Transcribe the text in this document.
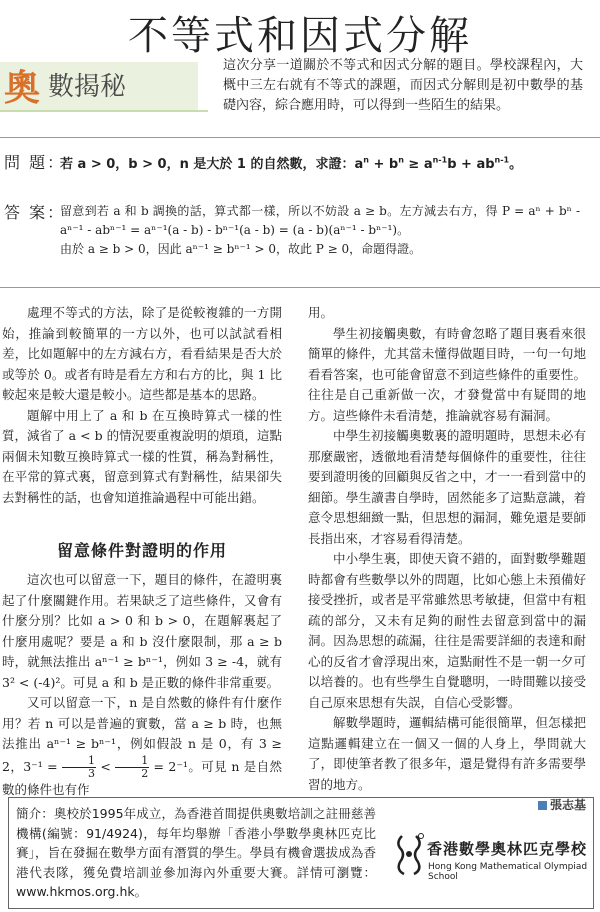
不等式和因式分解
奧 數揭秘
這次分享一道關於不等式和因式分解的題目。學校課程內，大概中三左右就有不等式的課題，而因式分解則是初中數學的基礎內容，綜合應用時，可以得到一些陌生的結果。
問 題：
若 a > 0，b > 0，n 是大於 1 的自然數，求證：$a^n + b^n \ge a^{n-1}b + ab^{n-1}$。
答 案：
留意到若 a 和 b 調換的話，算式都一樣，所以不妨設 a ≥ b。左方減去右方，得 P = aⁿ + bⁿ - aⁿ⁻¹ - abⁿ⁻¹ = aⁿ⁻¹(a - b) - bⁿ⁻¹(a - b) = (a - b)(aⁿ⁻¹ - bⁿ⁻¹)。
由於 a ≥ b > 0，因此 aⁿ⁻¹ ≥ bⁿ⁻¹ > 0，故此 P ≥ 0，命題得證。

處理不等式的方法，除了是從較複雜的一方開始，推論到較簡單的一方以外，也可以試試看相差，比如題解中的左方減右方，看看結果是否大於或等於 0。或者有時是看左方和右方的比，與 1 比較起來是較大還是較小。這些都是基本的思路。

題解中用上了 a 和 b 在互換時算式一樣的性質，減省了 a < b 的情況要重複說明的煩瑣，這點兩個未知數互換時算式一樣的性質，稱為對稱性，在平常的算式裏，留意到算式有對稱性，結果卻失去對稱性的話，也會知道推論過程中可能出錯。

留意條件對證明的作用

這次也可以留意一下，題目的條件，在證明裏起了什麼關鍵作用。若果缺乏了這些條件，又會有什麼分別？比如 a > 0 和 b > 0，在題解裏起了什麼用處呢？要是 a 和 b 沒什麼限制，那 a ≥ b 時，就無法推出 aⁿ⁻¹ ≥ bⁿ⁻¹，例如 3 ≥ -4，就有 3² < (-4)²。可見 a 和 b 是正數的條件非常重要。

又可以留意一下，n 是自然數的條件有什麼作用？若 n 可以是普遍的實數，當 a ≥ b 時，也無法推出 aⁿ⁻¹ ≥ bⁿ⁻¹，例如假設 n 是 0，有 3 ≥ 2，$3^{-1} = \frac{1}{3} < \frac{1}{2} = 2^{-1}$。可見 n 是自然數的條件也有作

用。

學生初接觸奧數，有時會忽略了題目裏看來很簡單的條件，尤其當未懂得做題目時，一句一句地看看答案，也可能會留意不到這些條件的重要性。往往是自己重新做一次，才發覺當中有疑問的地方。這些條件未看清楚，推論就容易有漏洞。

中學生初接觸奧數裏的證明題時，思想未必有那麼嚴密，透徹地看清楚每個條件的重要性，往往要到證明後的回顧與反省之中，才一一看到當中的細節。學生讀書自學時，固然能多了這點意識，着意令思想細緻一點，但思想的漏洞，難免還是要師長指出來，才容易看得清楚。

中小學生裏，即使天資不錯的，面對數學難題時都會有些數學以外的問題，比如心態上未預備好接受挫折，或者是平常雖然思考敏捷，但當中有粗疏的部分，又未有足夠的耐性去留意到當中的漏洞。因為思想的疏漏，往往是需要詳細的表達和耐心的反省才會浮現出來，這點耐性不是一朝一夕可以培養的。也有些學生自覺聰明，一時間難以接受自己原來思想有失誤，自信心受影響。

解數學題時，邏輯結構可能很簡單，但怎樣把這點邏輯建立在一個又一個的人身上，學問就大了，即使筆者教了很多年，還是覺得有許多需要學習的地方。

張志基
簡介：奧校於1995年成立，為香港首間提供奧數培訓之註冊慈善機構(編號：91/4924)，每年均舉辦「香港小學數學奧林匹克比賽」，旨在發掘在數學方面有潛質的學生。學員有機會選拔成為香港代表隊，獲免費培訓並參加海內外重要大賽。詳情可瀏覽：www.hkmos.org.hk。
香港數學奧林匹克學校
Hong Kong Mathematical Olympiad School
